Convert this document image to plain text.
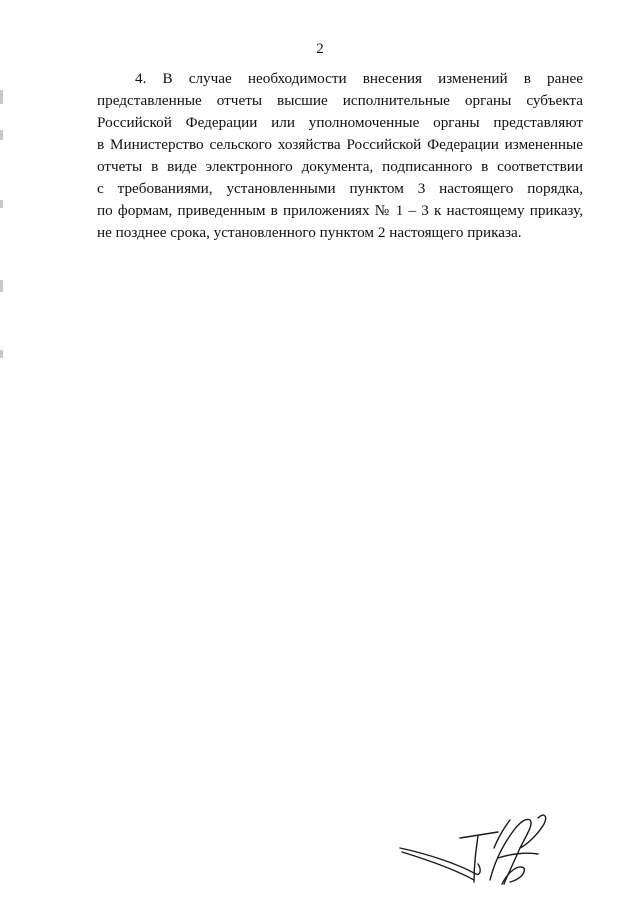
2
4. В случае необходимости внесения изменений в ранее
представленные отчеты высшие исполнительные органы субъекта
Российской Федерации или уполномоченные органы представляют
в Министерство сельского хозяйства Российской Федерации измененные
отчеты в виде электронного документа, подписанного в соответствии
с требованиями, установленными пунктом 3 настоящего порядка,
по формам, приведенным в приложениях № 1 – 3 к настоящему приказу,
не позднее срока, установленного пунктом 2 настоящего приказа.
